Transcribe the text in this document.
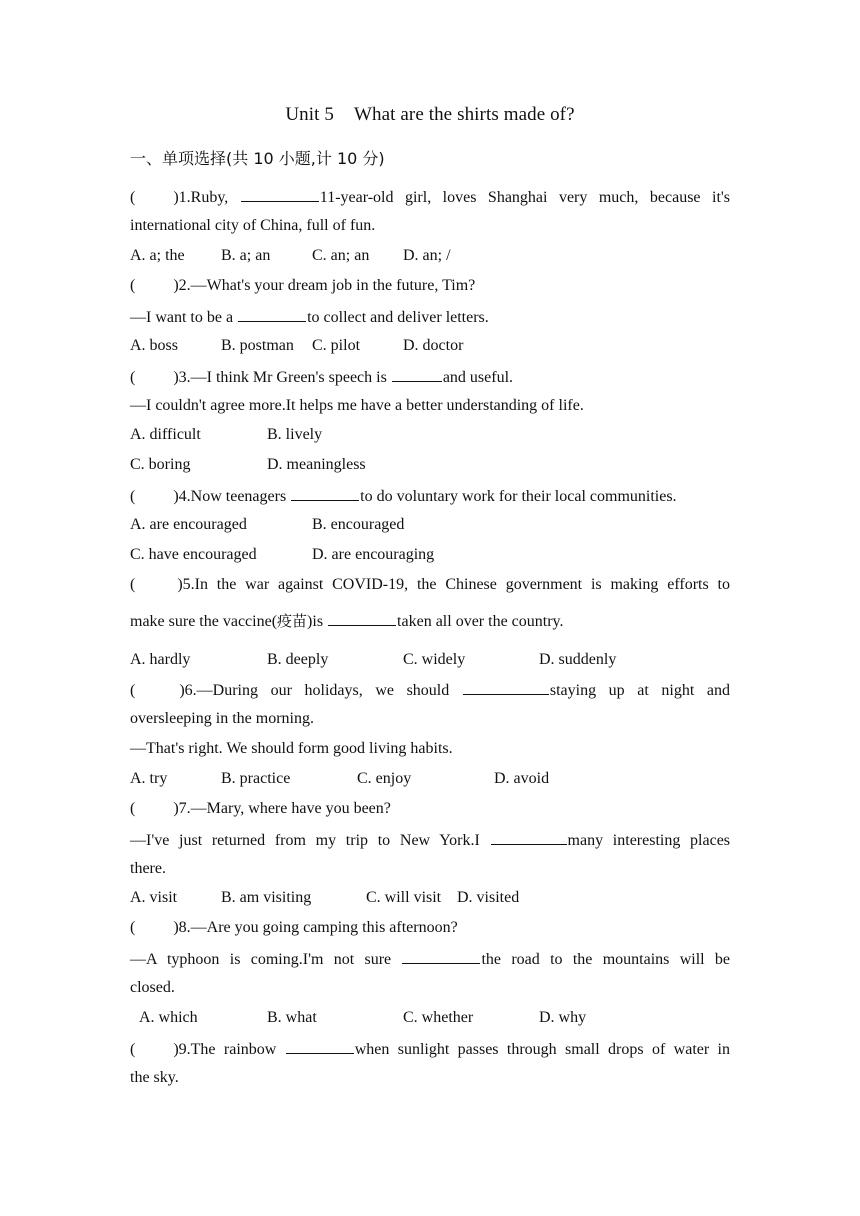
Unit 5 What are the shirts made of?
一、单项选择(共 10 小题,计 10 分)
( )1.Ruby,	11-year-old girl, loves Shanghai very much, because it's
international city of China, full of fun.
A. a; the B. a; an	C. an; an D. an; /
( )2.—What's your dream job in the future, Tim?
—I want to be a	to collect and deliver letters.
A. boss	B. postman C. pilot	D. doctor
( )3.—I think Mr Green's speech is	and useful.
—I couldn't agree more.It helps me have a better understanding of life.
A. difficult	B. lively
C. boring	D. meaningless
( )4.Now teenagers	to do voluntary work for their local communities.
A. are encouraged	B. encouraged
C. have encouraged	D. are encouraging
(	)5.In the war against COVID-19, the Chinese government is making efforts to
make sure the vaccine(疫苗)is	taken all over the country.
A. hardly	B. deeply	C. widely	D. suddenly
(	)6.—During our holidays, we should	staying up at night and
oversleeping in the morning.
—That's right. We should form good living habits.
A. try	B. practice	C. enjoy	D. avoid
( )7.—Mary, where have you been?
—I've just returned from my trip to New York.I	many interesting places
there.
A. visit	B. am visiting	C. will visit D. visited
( )8.—Are you going camping this afternoon?
—A typhoon is coming.I'm not sure	the road to the mountains will be
closed.
A. which	B. what	C. whether	D. why
( )9.The rainbow	when sunlight passes through small drops of water in
the sky.
